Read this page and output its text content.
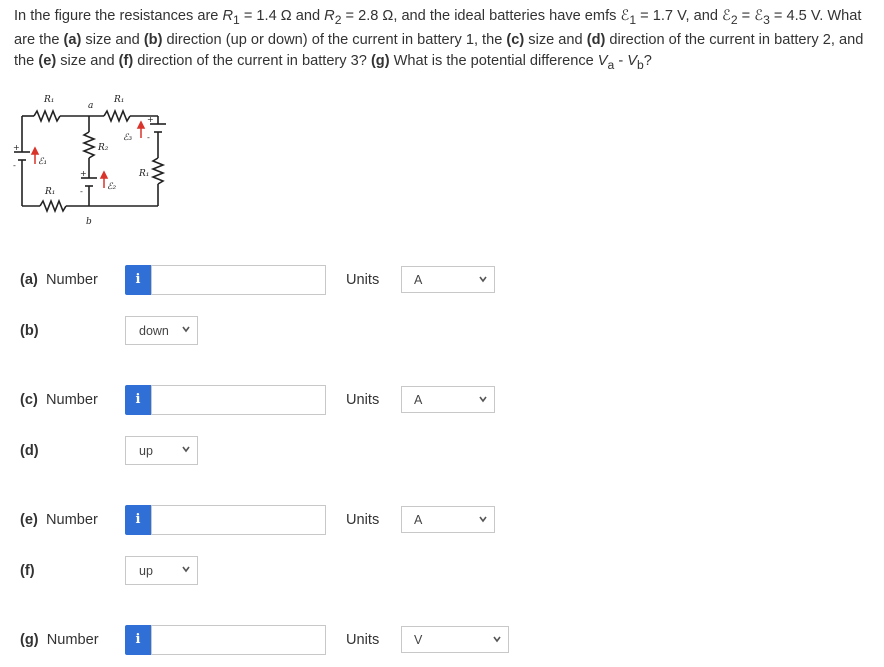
In the figure the resistances are $R_1 = 1.4$ Ω and $R_2 = 2.8$ Ω, and the ideal batteries have emfs ℰ$_1$ = 1.7 V, and ℰ$_2$ = ℰ$_3$ = 4.5 V. What are the (a) size and (b) direction (up or down) of the current in battery 1, the (c) size and (d) direction of the current in battery 2, and the (e) size and (f) direction of the current in battery 3? (g) What is the potential difference $V_a - V_b$?
R₁	R₁
a
R₂
ℰ₃
R₁
ℰ₁
ℰ₂
R₁
b
+
-
+
-
+
-
(a) Number	i	Units	A
(b)	down
(c) Number	i	Units	A
(d)	up
(e) Number	i	Units	A
(f)	up
(g) Number	i	Units	V
